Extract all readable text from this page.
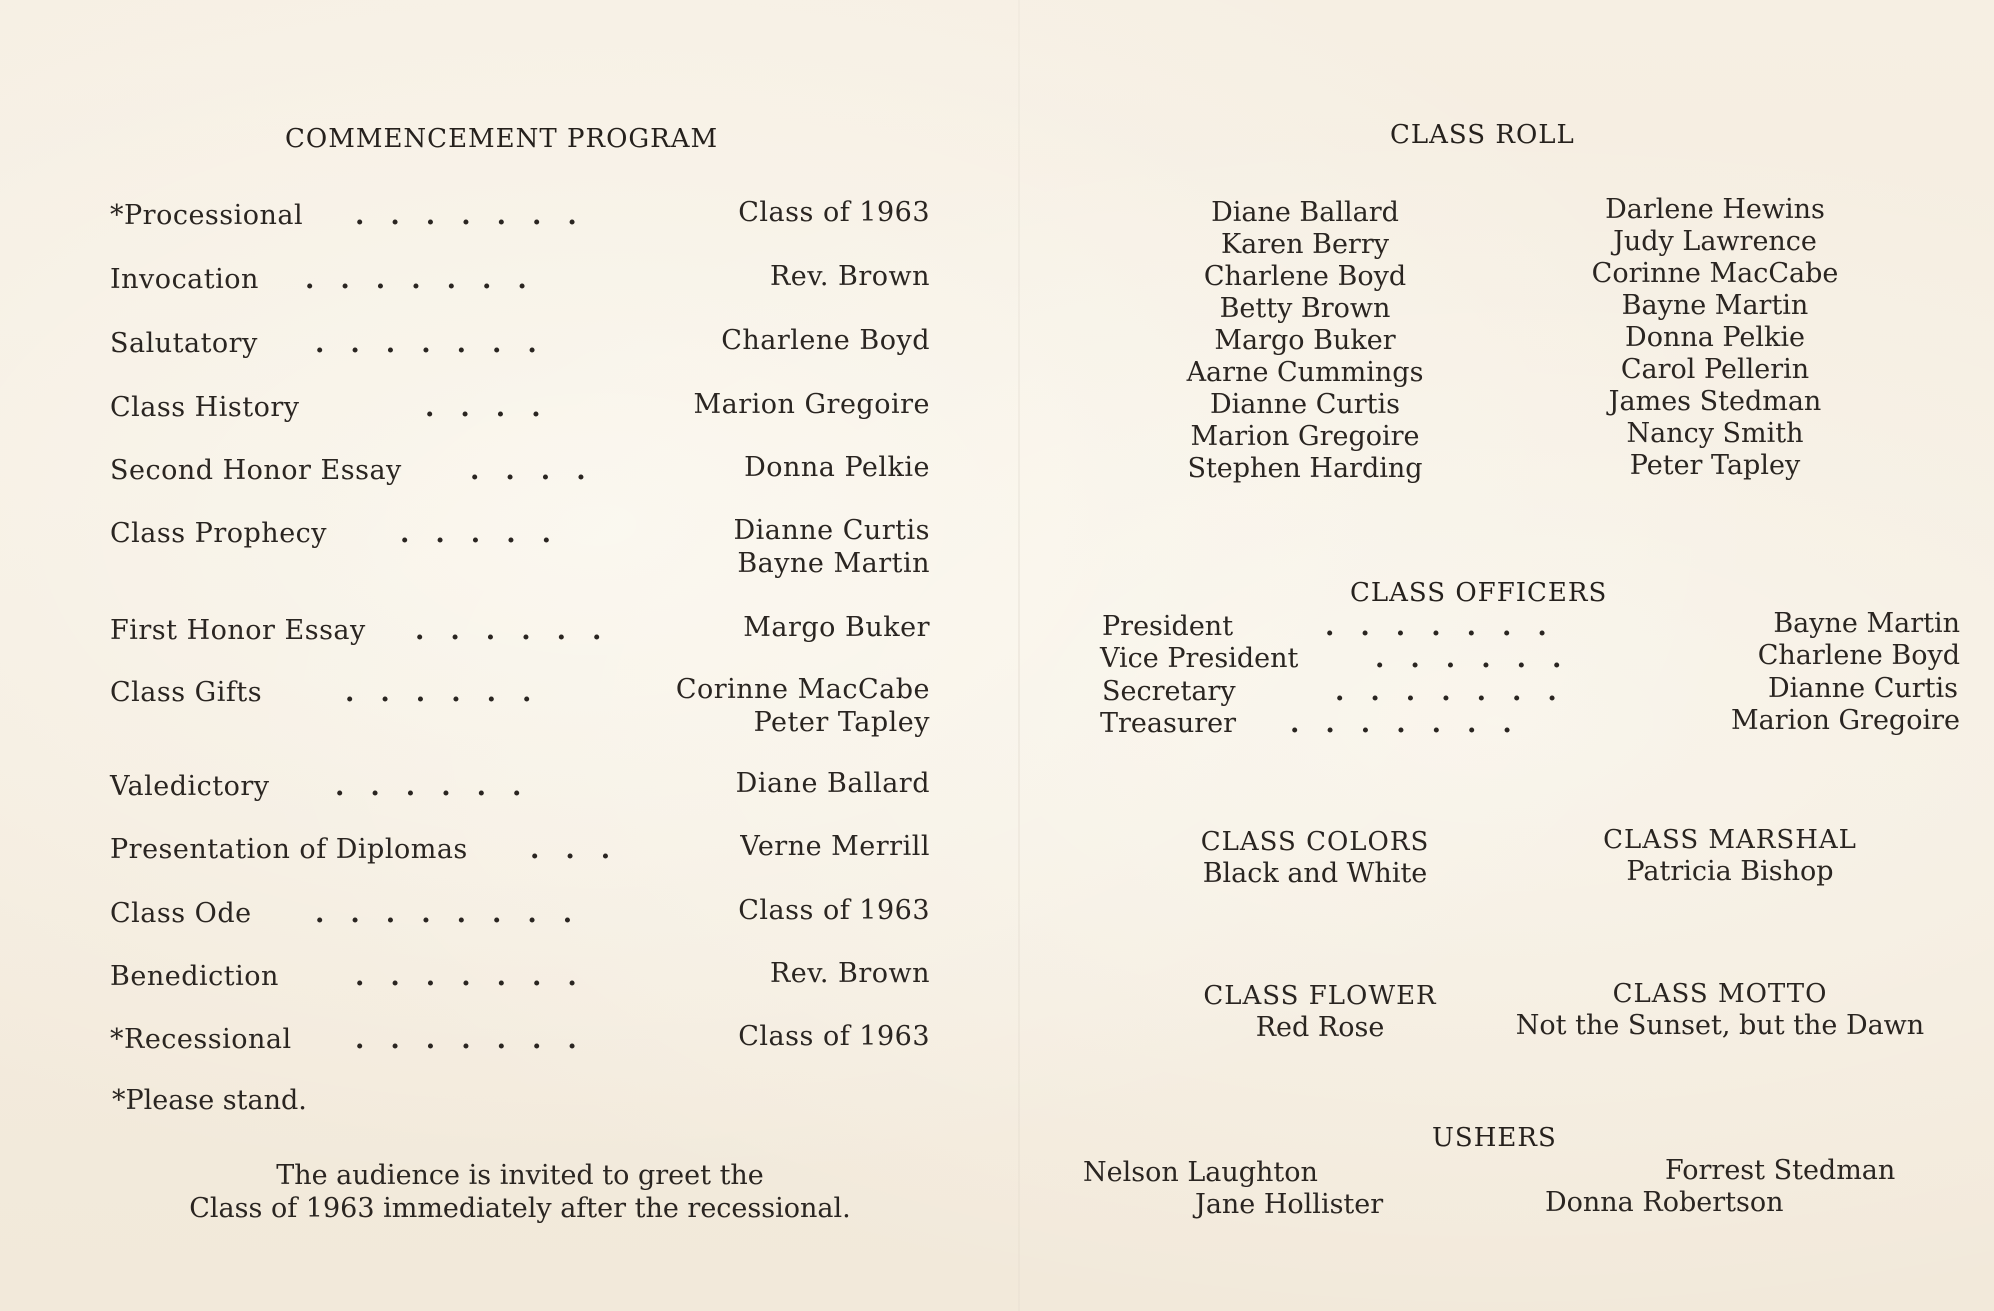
COMMENCEMENT PROGRAM
*Processional .......	Class of 1963
Invocation .......	Rev. Brown
Salutatory .......	Charlene Boyd
Class History	....	Marion Gregoire
Second Honor Essay	....	Donna Pelkie
Class Prophecy	.....	Dianne Curtis
Bayne Martin
First Honor Essay ......	Margo Buker
Class Gifts	......	Corinne MacCabe
Peter Tapley
Valedictory ......	Diane Ballard
Presentation of Diplomas ...	Verne Merrill
Class Ode ........	Class of 1963
Benediction	.......	Rev. Brown
*Recessional .......	Class of 1963
*Please stand.
The audience is invited to greet the
Class of 1963 immediately after the recessional.
CLASS ROLL
Diane Ballard
Karen Berry
Charlene Boyd
Betty Brown
Margo Buker
Aarne Cummings
Dianne Curtis
Marion Gregoire
Stephen Harding
Darlene Hewins
Judy Lawrence
Corinne MacCabe
Bayne Martin
Donna Pelkie
Carol Pellerin
James Stedman
Nancy Smith
Peter Tapley
CLASS OFFICERS
President	.......	Bayne Martin
Vice President	......	Charlene Boyd
Secretary	.......	Dianne Curtis
Treasurer .......	Marion Gregoire
CLASS COLORS
Black and White
CLASS MARSHAL
Patricia Bishop
CLASS FLOWER
Red Rose
CLASS MOTTO
Not the Sunset, but the Dawn
USHERS
Nelson Laughton
Jane Hollister
Forrest Stedman
Donna Robertson
